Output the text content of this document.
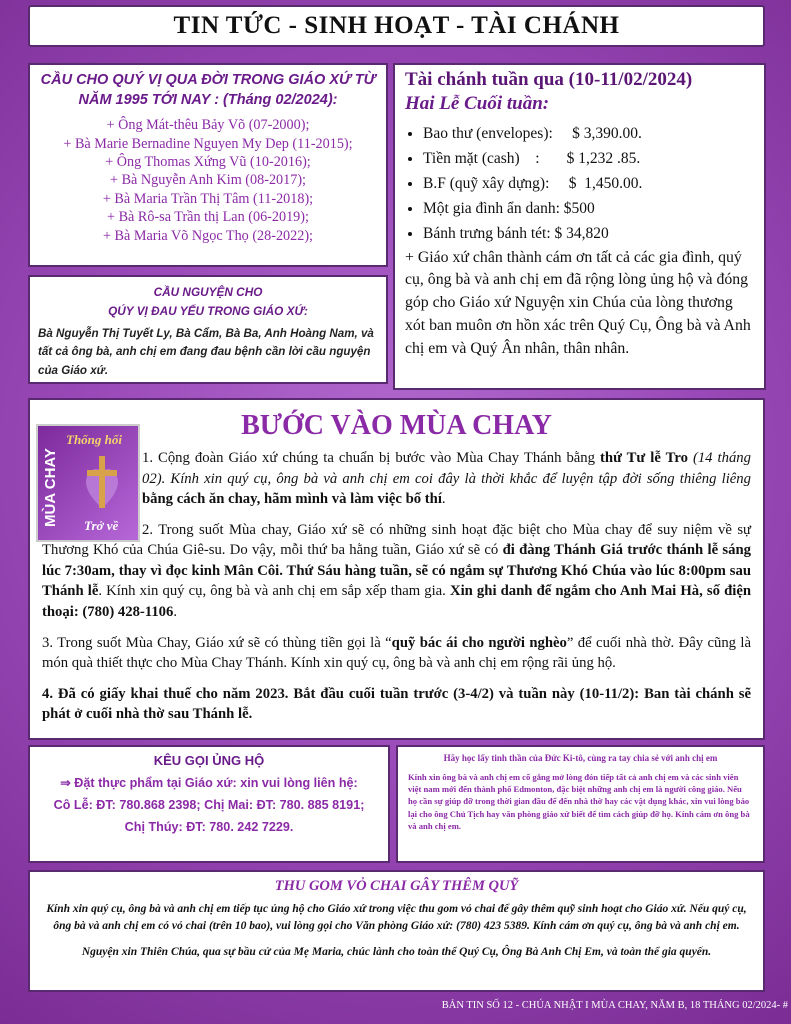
TIN TỨC - SINH HOẠT - TÀI CHÁNH
CẦU CHO QUÝ VỊ QUA ĐỜI TRONG GIÁO XỨ TỪ NĂM 1995 TỚI NAY : (Tháng 02/2024):
+ Ông Mát-thêu Bảy Võ (07-2000);
+ Bà Marie Bernadine Nguyen My Dep (11-2015);
+ Ông Thomas Xứng Vũ (10-2016);
+ Bà Nguyễn Anh Kim (08-2017);
+ Bà Maria Trần Thị Tâm (11-2018);
+ Bà Rô-sa Trần thị Lan (06-2019);
+ Bà Maria Võ Ngọc Thọ (28-2022);
CẦU NGUYỆN CHO
QÚY VỊ ĐAU YẾU TRONG GIÁO XỨ:

Bà Nguyễn Thị Tuyết Ly, Bà Cẩm, Bà Ba, Anh Hoàng Nam, và tất cả ông bà, anh chị em đang đau bệnh cần lời cầu nguyện của Giáo xứ.

Tài chánh tuần qua (10-11/02/2024)
Hai Lễ Cuối tuần:
• Bao thư (envelopes):     $ 3,390.00.
• Tiền mặt (cash)    :       $ 1,232 .85.
• B.F (quỹ xây dựng):     $  1,450.00.
• Một gia đình ẩn danh: $500
• Bánh trưng bánh tét: $ 34,820

+ Giáo xứ chân thành cám ơn tất cả các gia đình, quý cụ, ông bà và anh chị em đã rộng lòng ủng hộ và đóng góp cho Giáo xứ Nguyện xin Chúa của lòng thương xót ban muôn ơn hồn xác trên Quý Cụ, Ông bà và Anh chị em và Quý Ân nhân, thân nhân.

MÙA CHAY
Thống hối
Trở về
BƯỚC VÀO MÙA CHAY

1. Cộng đoàn Giáo xứ chúng ta chuẩn bị bước vào Mùa Chay Thánh bằng thứ Tư lễ Tro (14 tháng 02). Kính xin quý cụ, ông bà và anh chị em coi đây là thời khắc để luyện tập đời sống thiêng liêng bằng cách ăn chay, hãm mình và làm việc bố thí.

2. Trong suốt Mùa chay, Giáo xứ sẽ có những sinh hoạt đặc biệt cho Mùa chay để suy niệm về sự Thương Khó của Chúa Giê-su. Do vậy, mỗi thứ ba hằng tuần, Giáo xứ sẽ có đi đàng Thánh Giá trước thánh lễ sáng lúc 7:30am, thay vì đọc kinh Mân Côi. Thứ Sáu hàng tuần, sẽ có ngắm sự Thương Khó Chúa vào lúc 8:00pm sau Thánh lễ. Kính xin quý cụ, ông bà và anh chị em sắp xếp tham gia. Xin ghi danh để ngắm cho Anh Mai Hà, số điện thoại: (780) 428-1106.

3. Trong suốt Mùa Chay, Giáo xứ sẽ có thùng tiền gọi là “quỹ bác ái cho người nghèo” để cuối nhà thờ. Đây cũng là món quà thiết thực cho Mùa Chay Thánh. Kính xin quý cụ, ông bà và anh chị em rộng rãi ủng hộ.

4. Đã có giấy khai thuế cho năm 2023. Bắt đầu cuối tuần trước (3-4/2) và tuần này (10-11/2): Ban tài chánh sẽ phát ở cuối nhà thờ sau Thánh lễ.

KÊU GỌI ỦNG HỘ
⇒ Đặt thực phẩm tại Giáo xứ: xin vui lòng liên hệ:
Cô Lễ: ĐT: 780.868 2398; Chị Mai: ĐT: 780. 885 8191;
Chị Thúy: ĐT: 780. 242 7229.
Hãy học lấy tinh thần của Đức Ki-tô, cùng ra tay chia sẻ với anh chị em

Kính xin ông bà và anh chị em cố gắng mở lòng đón tiếp tất cả anh chị em và các sinh viên việt nam mới đến thành phố Edmonton, đặc biệt những anh chị em là người công giáo. Nếu họ cần sự giúp đỡ trong thời gian đầu để đến nhà thờ hay các vật dụng khác, xin vui lòng báo lại cho ông Chủ Tịch hay văn phòng giáo xứ biết để tìm cách giúp đỡ họ. Kính cám ơn ông bà và anh chị em.

THU GOM VỎ CHAI GÂY THÊM QUỸ

Kính xin quý cụ, ông bà và anh chị em tiếp tục ủng hộ cho Giáo xứ trong việc thu gom vỏ chai để gây thêm quỹ sinh hoạt cho Giáo xứ. Nếu quý cụ, ông bà và anh chị em có vỏ chai (trên 10 bao), vui lòng gọi cho Văn phòng Giáo xứ: (780) 423 5389. Kính cám ơn quý cụ, ông bà và anh chị em.

Nguyện xin Thiên Chúa, qua sự bầu cử của Mẹ Maria, chúc lành cho toàn thể Quý Cụ, Ông Bà Anh Chị Em, và toàn thể gia quyến.

BẢN TIN SỐ 12 - CHÚA NHẬT I MÙA CHAY, NĂM B, 18 THÁNG 02/2024- #
